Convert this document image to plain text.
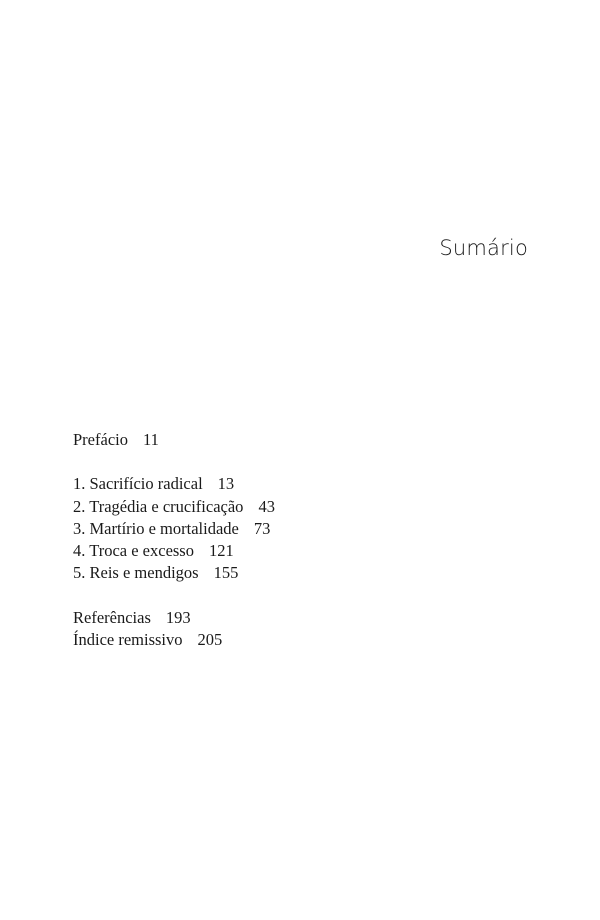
Sumário
Prefácio 11
1. Sacrifício radical 13
2. Tragédia e crucificação 43
3. Martírio e mortalidade 73
4. Troca e excesso 121
5. Reis e mendigos 155
Referências 193
Índice remissivo 205
